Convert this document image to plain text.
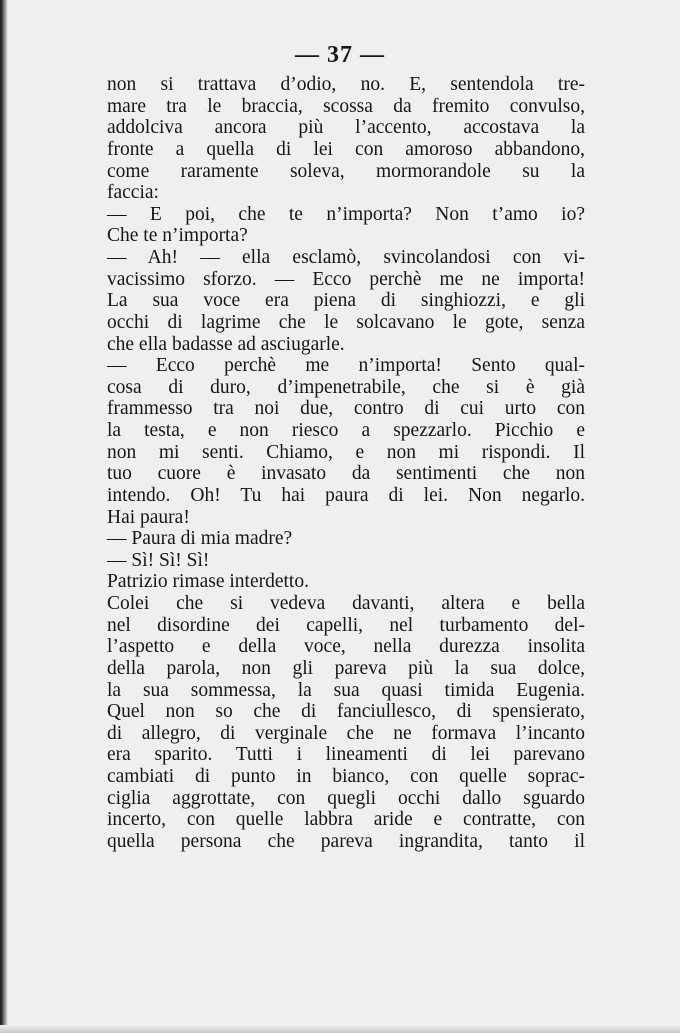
— 37 —
non si trattava d’odio, no. E, sentendola tre-
mare tra le braccia, scossa da fremito convulso,
addolciva ancora più l’accento, accostava la
fronte a quella di lei con amoroso abbandono,
come raramente soleva, mormorandole su la
faccia:
— E poi, che te n’importa? Non t’amo io?
Che te n’importa?
— Ah! — ella esclamò, svincolandosi con vi-
vacissimo sforzo. — Ecco perchè me ne importa!
La sua voce era piena di singhiozzi, e gli
occhi di lagrime che le solcavano le gote, senza
che ella badasse ad asciugarle.
— Ecco perchè me n’importa! Sento qual-
cosa di duro, d’impenetrabile, che si è già
frammesso tra noi due, contro di cui urto con
la testa, e non riesco a spezzarlo. Picchio e
non mi senti. Chiamo, e non mi rispondi. Il
tuo cuore è invasato da sentimenti che non
intendo. Oh! Tu hai paura di lei. Non negarlo.
Hai paura!
— Paura di mia madre?
— Sì! Sì! Sì!
Patrizio rimase interdetto.
Colei che si vedeva davanti, altera e bella
nel disordine dei capelli, nel turbamento del-
l’aspetto e della voce, nella durezza insolita
della parola, non gli pareva più la sua dolce,
la sua sommessa, la sua quasi timida Eugenia.
Quel non so che di fanciullesco, di spensierato,
di allegro, di verginale che ne formava l’incanto
era sparito. Tutti i lineamenti di lei parevano
cambiati di punto in bianco, con quelle soprac-
ciglia aggrottate, con quegli occhi dallo sguardo
incerto, con quelle labbra aride e contratte, con
quella persona che pareva ingrandita, tanto il
